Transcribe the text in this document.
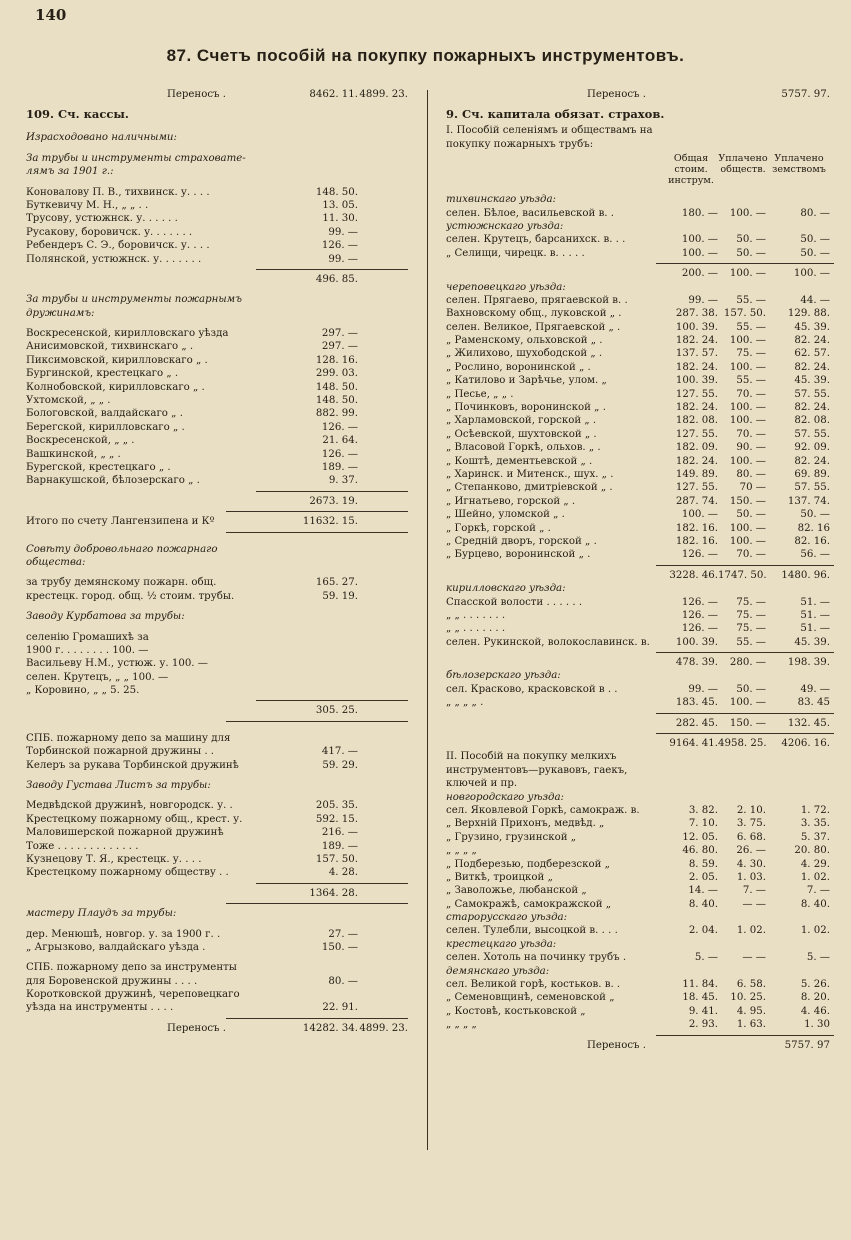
140
87. Счетъ пособій на покупку пожарныхъ инструментовъ.
Переносъ .	8462. 11. 4899. 23.
109. Сч. кассы.
Израсходовано наличными:
За трубы и инструменты страховате-
лямъ за 1901 г.:
Коновалову П. В., тихвинск. у. . . .	148. 50.
Буткевичу М. Н., „ „ . .	13. 05.
Трусову, устюжнск. у. . . . . .	11. 30.
Русакову, боровичск. у. . . . . . .	99. —
Ребендеръ С. Э., боровичск. у. . . .	126. —
Полянской, устюжнск. у. . . . . . .	99. —
496. 85.
За трубы и инструменты пожарнымъ
дружинамъ:
Воскресенской, кирилловскаго уѣзда	297. —
Анисимовской, тихвинскаго „ .	297. —
Пиксимовской, кирилловскаго „ .	128. 16.
Бургинской, крестецкаго „ .	299. 03.
Колнобовской, кирилловскаго „ .	148. 50.
Ухтомской, „ „ .	148. 50.
Бологовской, валдайскаго „ .	882. 99.
Берегской, кирилловскаго „ .	126. —
Воскресенской, „ „ .	21. 64.
Вашкинской, „ „ .	126. —
Бурегской, крестецкаго „ .	189. —
Варнакушской, бѣлозерскаго „ .	9. 37.
2673. 19.
Итого по счету Лангензипена и Кº	11632. 15.
Совѣту добровольнаго пожарнаго
общества:
за трубу демянскому пожарн. общ.	165. 27.
крестецк. город. общ. ½ стоим. трубы.	59. 19.
Заводу Курбатова за трубы:
селенію Громашихѣ за
1900 г. . . . . . . . 100. —
Васильеву Н.М., устюж. у. 100. —
селен. Крутецъ, „ „ 100. —
„ Коровино, „ „ 5. 25.
305. 25.
СПБ. пожарному депо за машину для
Торбинской пожарной дружины . .	417. —
Келеръ за рукава Торбинской дружинѣ	59. 29.
Заводу Густава Листъ за трубы:
Медвѣдской дружинѣ, новгородск. у. .	205. 35.
Крестецкому пожарному общ., крест. у.	592. 15.
Маловишерской пожарной дружинѣ	216. —
Тоже . . . . . . . . . . . . .	189. —
Кузнецову Т. Я., крестецк. у. . . .	157. 50.
Крестецкому пожарному обществу . .	4. 28.
1364. 28.
мастеру Плаудъ за трубы:
дер. Менюшѣ, новгор. у. за 1900 г. .	27. —
„ Агрызково, валдайскаго уѣзда .	150. —
СПБ. пожарному депо за инструменты
для Боровенской дружины . . . .	80. —
Коротковской дружинѣ, череповецкаго
уѣзда на инструменты . . . .	22. 91.
Переносъ .	14282. 34. 4899. 23.
Переносъ .	5757. 97.
9. Сч. капитала обязат. страхов.
I. Пособій селеніямъ и обществамъ на
покупку пожарныхъ трубъ:
Общая стоим. инструм.
Уплачено обществ.
Уплачено земствомъ
тихвинскаго уѣзда:
селен. Бѣлое, васильевской в. .	180. —	100. —	80. —
устюжнскаго уѣзда:
селен. Крутецъ, барсанихск. в. . .	100. —	50. —	50. —
„ Селищи, чирецк. в. . . . .	100. —	50. —	50. —
200. —	100. —	100. —
череповецкаго уѣзда:
селен. Прягаево, прягаевской в. .	99. —	55. —	44. —
Вахновскому общ., луковской „ .	287. 38. 157. 50.	129. 88.
селен. Великое, Прягаевской „ .	100. 39.	55. —	45. 39.
„ Раменскому, ольховской „ .	182. 24.	100. —	82. 24.
„ Жилихово, шухободской „ .	137. 57.	75. —	62. 57.
„ Рослино, воронинской „ .	182. 24.	100. —	82. 24.
„ Катилово и Зарѣчье, улом. „	100. 39.	55. —	45. 39.
„ Песье, „ „ .	127. 55.	70. —	57. 55.
„ Починковъ, воронинской „ .	182. 24.	100. —	82. 24.
„ Харламовской, горской „ .	182. 08.	100. —	82. 08.
„ Осѣевской, шухтовской „ .	127. 55.	70. —	57. 55.
„ Власовой Горкѣ, ольхов. „ .	182. 09.	90. —	92. 09.
„ Коштѣ, дементьевской „ .	182. 24.	100. —	82. 24.
„ Харинск. и Митенск., шух. „ .	149. 89.	80. —	69. 89.
„ Степанково, дмитріевской „ .	127. 55.	70 —	57. 55.
„ Игнатьево, горской „ .	287. 74.	150. —	137. 74.
„ Шейно, уломской „ .	100. —	50. —	50. —
„ Горкѣ, горской „ .	182. 16.	100. —	82. 16
„ Средній дворъ, горской „ .	182. 16.	100. —	82. 16.
„ Бурцево, воронинской „ .	126. —	70. —	56. —
3228. 46. 1747. 50.	1480. 96.
кирилловскаго уѣзда:
Спасской волости . . . . . .	126. —	75. —	51. —
„ „ . . . . . . .	126. —	75. —	51. —
„ „ . . . . . . .	126. —	75. —	51. —
селен. Рукинской, волокославинск. в.	100. 39.	55. —	45. 39.
478. 39.	280. —	198. 39.
бѣлозерскаго уѣзда:
сел. Красково, красковской в . .	99. —	50. —	49. —
„ „ „ „ .	183. 45.	100. —	83. 45
282. 45.	150. —	132. 45.
9164. 41. 4958. 25.	4206. 16.
II. Пособій на покупку мелкихъ
инструментовъ—рукавовъ, гаекъ,
ключей и пр.
новгородскаго уѣзда:
сел. Яковлевой Горкѣ, самокраж. в.	3. 82.	2. 10.	1. 72.
„ Верхній Прихонъ, медвѣд. „	7. 10.	3. 75.	3. 35.
„ Грузино, грузинской „	12. 05.	6. 68.	5. 37.
„ „ „ „	46. 80.	26. —	20. 80.
„ Подберезью, подберезской „	8. 59.	4. 30.	4. 29.
„ Виткѣ, троицкой „	2. 05.	1. 03.	1. 02.
„ Заволожье, любанской „	14. —	7. —	7. —
„ Самокражѣ, самокражской „	8. 40.	— —	8. 40.
старорусскаго уѣзда:
селен. Тулебли, высоцкой в. . . .	2. 04.	1. 02.	1. 02.
крестецкаго уѣзда:
селен. Хотоль на починку трубъ .	5. —	— —	5. —
демянскаго уѣзда:
сел. Великой горѣ, костьков. в. .	11. 84.	6. 58.	5. 26.
„ Семеновщинѣ, семеновской „	18. 45.	10. 25.	8. 20.
„ Костовѣ, костьковской „	9. 41.	4. 95.	4. 46.
„ „ „ „	2. 93.	1. 63.	1. 30
Переносъ .	5757. 97
